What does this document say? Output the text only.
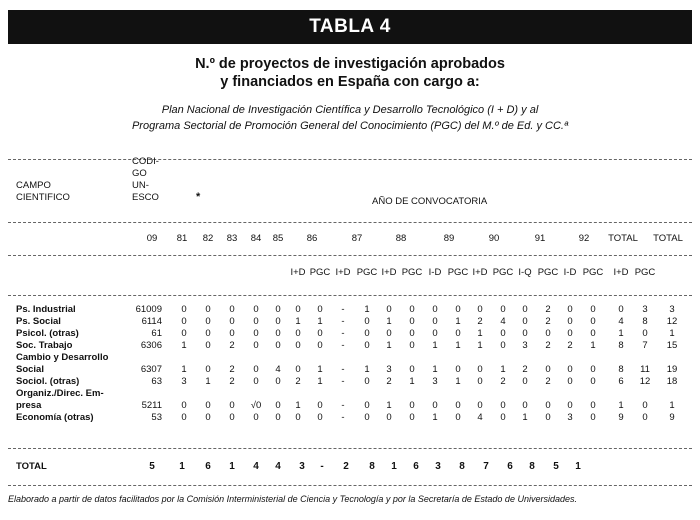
TABLA 4
N.º de proyectos de investigación aprobados
y financiados en España con cargo a:
Plan Nacional de Investigación Científica y Desarrollo Tecnológico (I + D) y al
Programa Sectorial de Promoción General del Conocimiento (PGC) del M.º de Ed. y CC.ª
CAMPO
CIENTIFICO
CODI-
GO
UN-
ESCO	*	AÑO DE CONVOCATORIA
09	81	82	83	84	85	86	87	88	89	90	91	92	TOTAL TOTAL
I+D PGC I+D PGC I+D PGC I-D PGC I+D PGC I-Q PGC I-D PGC	I+D PGC
Ps. Industrial	61009	0	0	0	0	0	0	0	-	1	0	0	0	0	0	0	0	2	0	0	0	3	3
Ps. Social	6114	0	0	0	0	0	1	1	-	0	1	0	0	1	2	4	0	2	0	0	4	8	12
Psicol. (otras)	61	0	0	0	0	0	0	0	-	0	0	0	0	0	1	0	0	0	0	0	1	0	1
Soc. Trabajo	6306	1	0	2	0	0	0	0	-	0	1	0	1	1	1	0	3	2	2	1	8	7	15
Cambio y Desarrollo
Social	6307	1	0	2	0	4	0	1	-	1	3	0	1	0	0	1	2	0	0	0	8	11	19
Sociol. (otras)	63	3	1	2	0	0	2	1	-	0	2	1	3	1	0	2	0	2	0	0	6	12	18
Organiz./Direc. Em-
presa	5211	0	0	0	√0	0	1	0	-	0	1	0	0	0	0	0	0	0	0	0	1	0	1
Economía (otras)	53	0	0	0	0	0	0	0	-	0	0	0	1	0	4	0	1	0	3	0	9	0	9
TOTAL	5	1	6	1	4	4	3	-	2	8	1	6	3	8	7	6	8	5	1
Elaborado a partir de datos facilitados por la Comisión Interministerial de Ciencia y Tecnología y por la Secretaría de Estado de Universidades.
